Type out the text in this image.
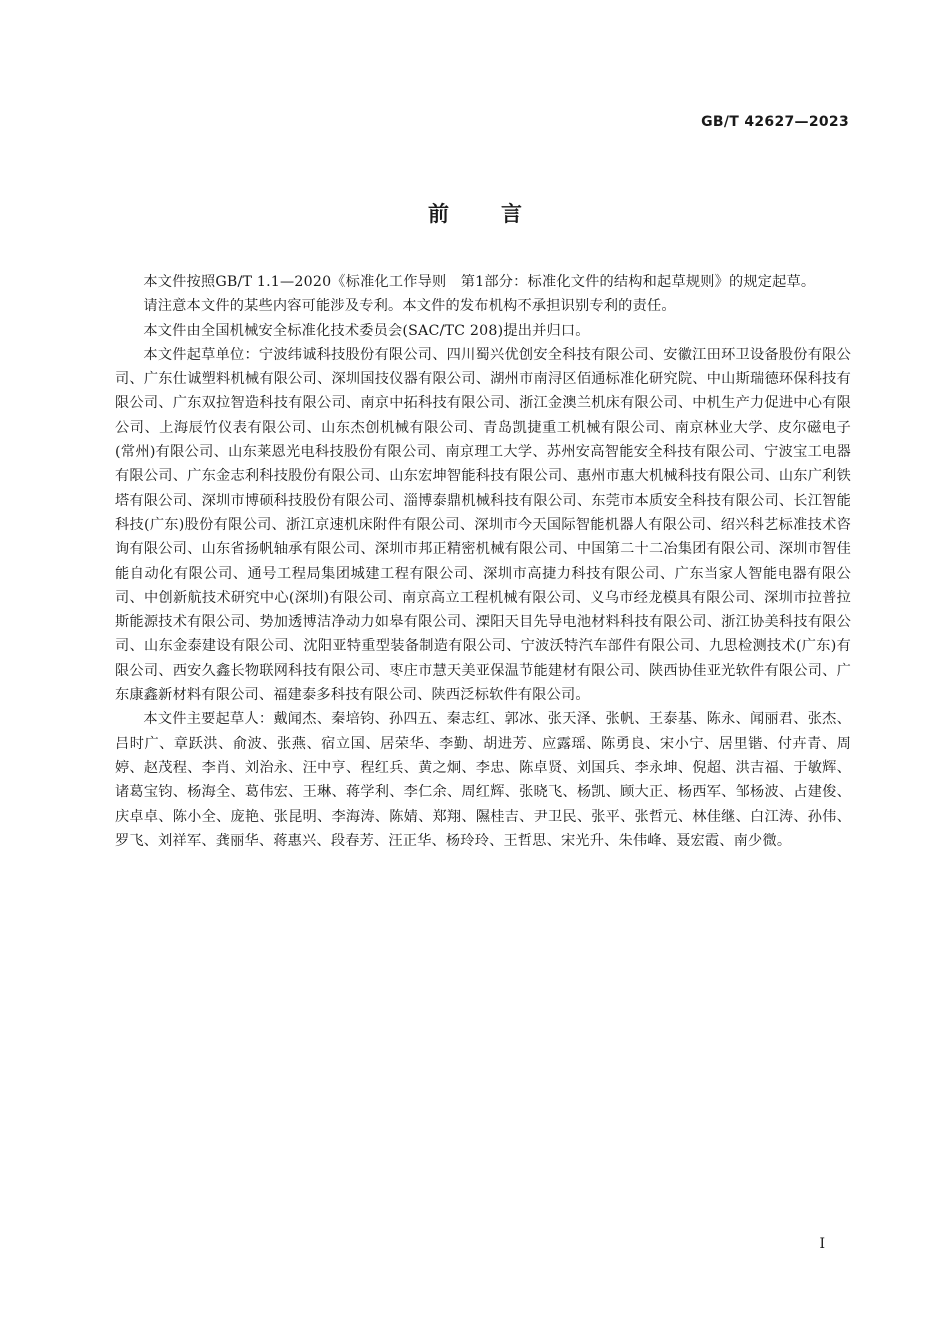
GB/T 42627—2023
前言

本文件按照GB/T 1.1—2020《标准化工作导则　第1部分：标准化文件的结构和起草规则》的规定起草。

请注意本文件的某些内容可能涉及专利。本文件的发布机构不承担识别专利的责任。

本文件由全国机械安全标准化技术委员会(SAC/TC 208)提出并归口。

本文件起草单位：宁波纬诚科技股份有限公司、四川蜀兴优创安全科技有限公司、安徽江田环卫设备股份有限公司、广东仕诚塑料机械有限公司、深圳国技仪器有限公司、湖州市南浔区佰通标准化研究院、中山斯瑞德环保科技有限公司、广东双拉智造科技有限公司、南京中拓科技有限公司、浙江金澳兰机床有限公司、中机生产力促进中心有限公司、上海辰竹仪表有限公司、山东杰创机械有限公司、青岛凯捷重工机械有限公司、南京林业大学、皮尔磁电子(常州)有限公司、山东莱恩光电科技股份有限公司、南京理工大学、苏州安高智能安全科技有限公司、宁波宝工电器有限公司、广东金志利科技股份有限公司、山东宏坤智能科技有限公司、惠州市惠大机械科技有限公司、山东广利铁塔有限公司、深圳市博硕科技股份有限公司、淄博泰鼎机械科技有限公司、东莞市本质安全科技有限公司、长江智能科技(广东)股份有限公司、浙江京速机床附件有限公司、深圳市今天国际智能机器人有限公司、绍兴科艺标准技术咨询有限公司、山东省扬帆轴承有限公司、深圳市邦正精密机械有限公司、中国第二十二冶集团有限公司、深圳市智佳能自动化有限公司、通号工程局集团城建工程有限公司、深圳市高捷力科技有限公司、广东当家人智能电器有限公司、中创新航技术研究中心(深圳)有限公司、南京高立工程机械有限公司、义乌市经龙模具有限公司、深圳市拉普拉斯能源技术有限公司、势加透博洁净动力如皋有限公司、溧阳天目先导电池材料科技有限公司、浙江协美科技有限公司、山东金泰建设有限公司、沈阳亚特重型装备制造有限公司、宁波沃特汽车部件有限公司、九思检测技术(广东)有限公司、西安久鑫长物联网科技有限公司、枣庄市慧天美亚保温节能建材有限公司、陕西协佳亚光软件有限公司、广东康鑫新材料有限公司、福建泰多科技有限公司、陕西泛标软件有限公司。

本文件主要起草人：戴闻杰、秦培钧、孙四五、秦志红、郭冰、张天泽、张帆、王泰基、陈永、闻丽君、张杰、吕时广、章跃洪、俞波、张燕、宿立国、居荣华、李勤、胡进芳、应露瑶、陈勇良、宋小宁、居里锴、付卉青、周婷、赵茂程、李肖、刘治永、汪中亨、程红兵、黄之炯、李忠、陈卓贤、刘国兵、李永坤、倪超、洪吉福、于敏辉、诸葛宝钧、杨海全、葛伟宏、王琳、蒋学利、李仁余、周红辉、张晓飞、杨凯、顾大正、杨西军、邹杨波、占建俊、庆卓卓、陈小全、庞艳、张昆明、李海涛、陈婧、郑翔、隰桂吉、尹卫民、张平、张哲元、林佳继、白江涛、孙伟、罗飞、刘祥军、龚丽华、蒋惠兴、段春芳、汪正华、杨玲玲、王哲思、宋光升、朱伟峰、聂宏霞、南少微。

I
